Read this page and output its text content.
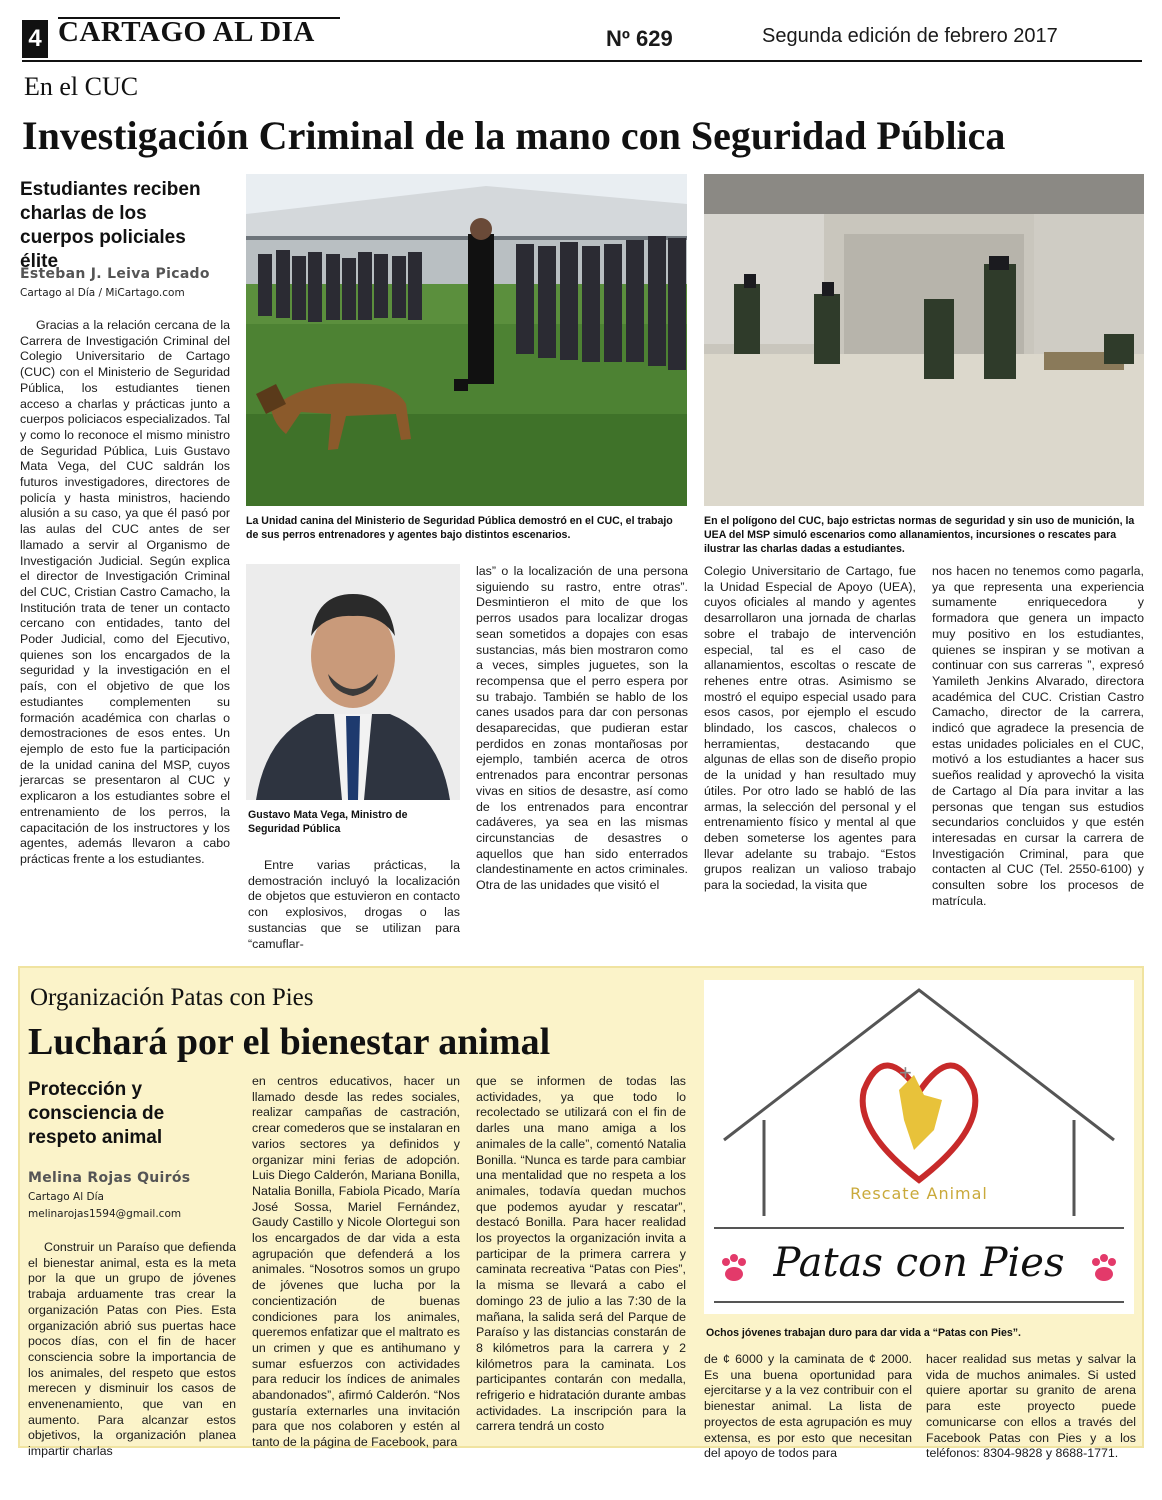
4 CARTAGO AL DIA	Nº 629	Segunda edición de febrero 2017
En el CUC
Investigación Criminal de la mano con Seguridad Pública
Estudiantes reciben charlas de los cuerpos policiales élite
Esteban J. Leiva Picado
Cartago al Día / MiCartago.com

Gracias a la relación cercana de la Carrera de Investigación Criminal del Colegio Universitario de Cartago (CUC) con el Ministerio de Seguridad Pública, los estudiantes tienen acceso a charlas y prácticas junto a cuerpos policiacos especializados. Tal y como lo reconoce el mismo ministro de Seguridad Pública, Luis Gustavo Mata Vega, del CUC saldrán los futuros investigadores, directores de policía y hasta ministros, haciendo alusión a su caso, ya que él pasó por las aulas del CUC antes de ser llamado a servir al Organismo de Investigación Judicial. Según explica el director de Investigación Criminal del CUC, Cristian Castro Camacho, la Institución trata de tener un contacto cercano con entidades, tanto del Poder Judicial, como del Ejecutivo, quienes son los encargados de la seguridad y la investigación en el país, con el objetivo de que los estudiantes complementen su formación académica con charlas o demostraciones de esos entes. Un ejemplo de esto fue la participación de la unidad canina del MSP, cuyos jerarcas se presentaron al CUC y explicaron a los estudiantes sobre el entrenamiento de los perros, la capacitación de los instructores y los agentes, además llevaron a cabo prácticas frente a los estudiantes.

La Unidad canina del Ministerio de Seguridad Pública demostró en el CUC, el trabajo de sus perros entrenadores y agentes bajo distintos escenarios.
En el polígono del CUC, bajo estrictas normas de seguridad y sin uso de munición, la UEA del MSP simuló escenarios como allanamientos, incursiones o rescates para ilustrar las charlas dadas a estudiantes.
Gustavo Mata Vega, Ministro de Seguridad Pública

Entre varias prácticas, la demostración incluyó la localización de objetos que estuvieron en contacto con explosivos, drogas o las sustancias que se utilizan para “camuflar-

las” o la localización de una persona siguiendo su rastro, entre otras”. Desmintieron el mito de que los perros usados para localizar drogas sean sometidos a dopajes con esas sustancias, más bien mostraron como a veces, simples juguetes, son la recompensa que el perro espera por su trabajo. También se hablo de los canes usados para dar con personas desaparecidas, que pudieran estar perdidos en zonas montañosas por ejemplo, también acerca de otros entrenados para encontrar personas vivas en sitios de desastre, así como de los entrenados para encontrar cadáveres, ya sea en las mismas circunstancias de desastres o aquellos que han sido enterrados clandestinamente en actos criminales. Otra de las unidades que visitó el

Colegio Universitario de Cartago, fue la Unidad Especial de Apoyo (UEA), cuyos oficiales al mando y agentes desarrollaron una jornada de charlas sobre el trabajo de intervención especial, tal es el caso de allanamientos, escoltas o rescate de rehenes entre otras. Asimismo se mostró el equipo especial usado para esos casos, por ejemplo el escudo blindado, los cascos, chalecos o herramientas, destacando que algunas de ellas son de diseño propio de la unidad y han resultado muy útiles. Por otro lado se habló de las armas, la selección del personal y el entrenamiento físico y mental al que deben someterse los agentes para llevar adelante su trabajo. “Estos grupos realizan un valioso trabajo para la sociedad, la visita que

nos hacen no tenemos como pagarla, ya que representa una experiencia sumamente enriquecedora y formadora que genera un impacto muy positivo en los estudiantes, quienes se inspiran y se motivan a continuar con sus carreras ”, expresó Yamileth Jenkins Alvarado, directora académica del CUC. Cristian Castro Camacho, director de la carrera, indicó que agradece la presencia de estas unidades policiales en el CUC, motivó a los estudiantes a hacer sus sueños realidad y aprovechó la visita de Cartago al Día para invitar a las personas que tengan sus estudios secundarios concluidos y que estén interesadas en cursar la carrera de Investigación Criminal, para que contacten al CUC (Tel. 2550-6100) y consulten sobre los procesos de matrícula.

Organización Patas con Pies
Luchará por el bienestar animal
Protección y consciencia de respeto animal
Melina Rojas Quirós
Cartago Al Día
melinarojas1594@gmail.com

Construir un Paraíso que defienda el bienestar animal, esta es la meta por la que un grupo de jóvenes trabaja arduamente tras crear la organización Patas con Pies. Esta organización abrió sus puertas hace pocos días, con el fin de hacer consciencia sobre la importancia de los animales, del respeto que estos merecen y disminuir los casos de envenenamiento, que van en aumento. Para alcanzar estos objetivos, la organización planea impartir charlas

en centros educativos, hacer un llamado desde las redes sociales, realizar campañas de castración, crear comederos que se instalaran en varios sectores ya definidos y organizar mini ferias de adopción. Luis Diego Calderón, Mariana Bonilla, Natalia Bonilla, Fabiola Picado, María José Sossa, Mariel Fernández, Gaudy Castillo y Nicole Olortegui son los encargados de dar vida a esta agrupación que defenderá a los animales. “Nosotros somos un grupo de jóvenes que lucha por la concientización de buenas condiciones para los animales, queremos enfatizar que el maltrato es un crimen y que es antihumano y sumar esfuerzos con actividades para reducir los índices de animales abandonados”, afirmó Calderón. “Nos gustaría externarles una invitación para que nos colaboren y estén al tanto de la página de Facebook, para

que se informen de todas las actividades, ya que todo lo recolectado se utilizará con el fin de darles una mano amiga a los animales de la calle”, comentó Natalia Bonilla. “Nunca es tarde para cambiar una mentalidad que no respeta a los animales, todavía quedan muchos que podemos ayudar y rescatar”, destacó Bonilla. Para hacer realidad los proyectos la organización invita a participar de la primera carrera y caminata recreativa “Patas con Pies”, la misma se llevará a cabo el domingo 23 de julio a las 7:30 de la mañana, la salida será del Parque de Paraíso y las distancias constarán de 8 kilómetros para la carrera y 2 kilómetros para la caminata. Los participantes contarán con medalla, refrigerio e hidratación durante ambas actividades. La inscripción para la carrera tendrá un costo

+
Rescate Animal
Patas con Pies
Ochos jóvenes trabajan duro para dar vida a “Patas con Pies”.

de ¢ 6000 y la caminata de ¢ 2000. Es una buena oportunidad para ejercitarse y a la vez contribuir con el bienestar animal. La lista de proyectos de esta agrupación es muy extensa, es por esto que necesitan del apoyo de todos para

hacer realidad sus metas y salvar la vida de muchos animales. Si usted quiere aportar su granito de arena para este proyecto puede comunicarse con ellos a través del Facebook Patas con Pies y a los teléfonos: 8304-9828 y 8688-1771.
